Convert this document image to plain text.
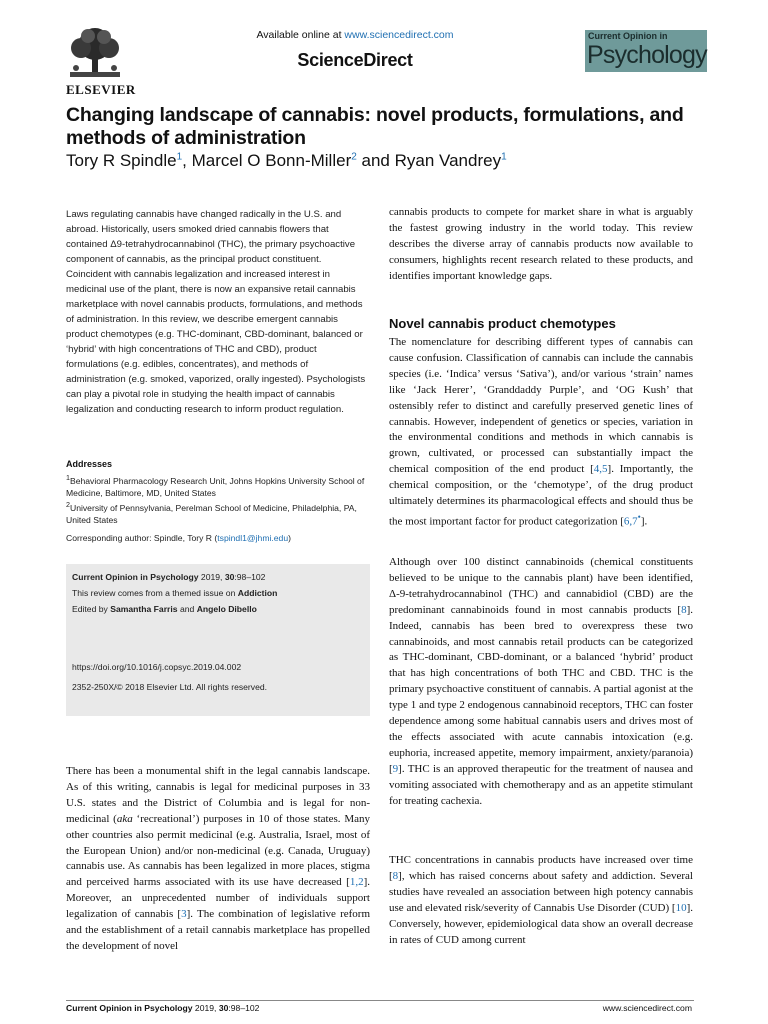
ELSEVIER
Available online at www.sciencedirect.com
ScienceDirect
Current Opinion in
Psychology
Changing landscape of cannabis: novel products, formulations, and methods of administration
Tory R Spindle$^1$, Marcel O Bonn-Miller$^2$ and Ryan Vandrey$^1$
Laws regulating cannabis have changed radically in the U.S. and abroad. Historically, users smoked dried cannabis flowers that contained Δ9-tetrahydrocannabinol (THC), the primary psychoactive component of cannabis, as the principal product constituent. Coincident with cannabis legalization and increased interest in medicinal use of the plant, there is now an expansive retail cannabis marketplace with novel cannabis products, formulations, and methods of administration. In this review, we describe emergent cannabis product chemotypes (e.g. THC-dominant, CBD-dominant, balanced or ‘hybrid’ with high concentrations of THC and CBD), product formulations (e.g. edibles, concentrates), and methods of administration (e.g. smoked, vaporized, orally ingested). Psychologists can play a pivotal role in studying the health impact of cannabis legalization and conducting research to inform product regulation.
Addresses
$^1$Behavioral Pharmacology Research Unit, Johns Hopkins University School of Medicine, Baltimore, MD, United States
$^2$University of Pennsylvania, Perelman School of Medicine, Philadelphia, PA, United States
Corresponding author: Spindle, Tory R (tspindl1@jhmi.edu)
Current Opinion in Psychology 2019, 30:98–102
This review comes from a themed issue on Addiction
Edited by Samantha Farris and Angelo Dibello
https://doi.org/10.1016/j.copsyc.2019.04.002
2352-250X/© 2018 Elsevier Ltd. All rights reserved.
There has been a monumental shift in the legal cannabis landscape. As of this writing, cannabis is legal for medicinal purposes in 33 U.S. states and the District of Columbia and is legal for non-medicinal (aka ‘recreational’) purposes in 10 of those states. Many other countries also permit medicinal (e.g. Australia, Israel, most of the European Union) and/or non-medicinal (e.g. Canada, Uruguay) cannabis use. As cannabis has been legalized in more places, stigma and perceived harms associated with its use have decreased [1,2]. Moreover, an unprecedented number of individuals support legalization of cannabis [3]. The combination of legislative reform and the establishment of a retail cannabis marketplace has propelled the development of novel
cannabis products to compete for market share in what is arguably the fastest growing industry in the world today. This review describes the diverse array of cannabis products now available to consumers, highlights recent research related to these products, and identifies important knowledge gaps.
Novel cannabis product chemotypes
The nomenclature for describing different types of cannabis can cause confusion. Classification of cannabis can include the cannabis species (i.e. ‘Indica’ versus ‘Sativa’), and/or various ‘strain’ names like ‘Jack Herer’, ‘Granddaddy Purple’, and ‘OG Kush’ that ostensibly refer to distinct and carefully preserved genetic lines of cannabis. However, independent of genetics or species, variation in the environmental conditions and methods in which cannabis is grown, cultivated, or processed can substantially impact the chemical composition of the end product [4,5]. Importantly, the chemical composition, or the ‘chemotype’, of the drug product ultimately determines its pharmacological effects and should thus be the most important factor for product categorization [6,7•].
Although over 100 distinct cannabinoids (chemical constituents believed to be unique to the cannabis plant) have been identified, Δ-9-tetrahydrocannabinol (THC) and cannabidiol (CBD) are the predominant cannabinoids found in most cannabis products [8]. Indeed, cannabis has been bred to overexpress these two cannabinoids, and most cannabis retail products can be categorized as THC-dominant, CBD-dominant, or a balanced ‘hybrid’ product that has high concentrations of both THC and CBD. THC is the primary psychoactive constituent of cannabis. A partial agonist at the type 1 and type 2 endogenous cannabinoid receptors, THC can foster dependence among some habitual cannabis users and drives most of the effects associated with acute cannabis intoxication (e.g. euphoria, increased appetite, memory impairment, anxiety/paranoia) [9]. THC is an approved therapeutic for the treatment of nausea and vomiting associated with chemotherapy and as an appetite stimulant for treating cachexia.
THC concentrations in cannabis products have increased over time [8], which has raised concerns about safety and addiction. Several studies have revealed an association between high potency cannabis use and elevated risk/severity of Cannabis Use Disorder (CUD) [10]. Conversely, however, epidemiological data show an overall decrease in rates of CUD among current
Current Opinion in Psychology 2019, 30:98–102	www.sciencedirect.com
